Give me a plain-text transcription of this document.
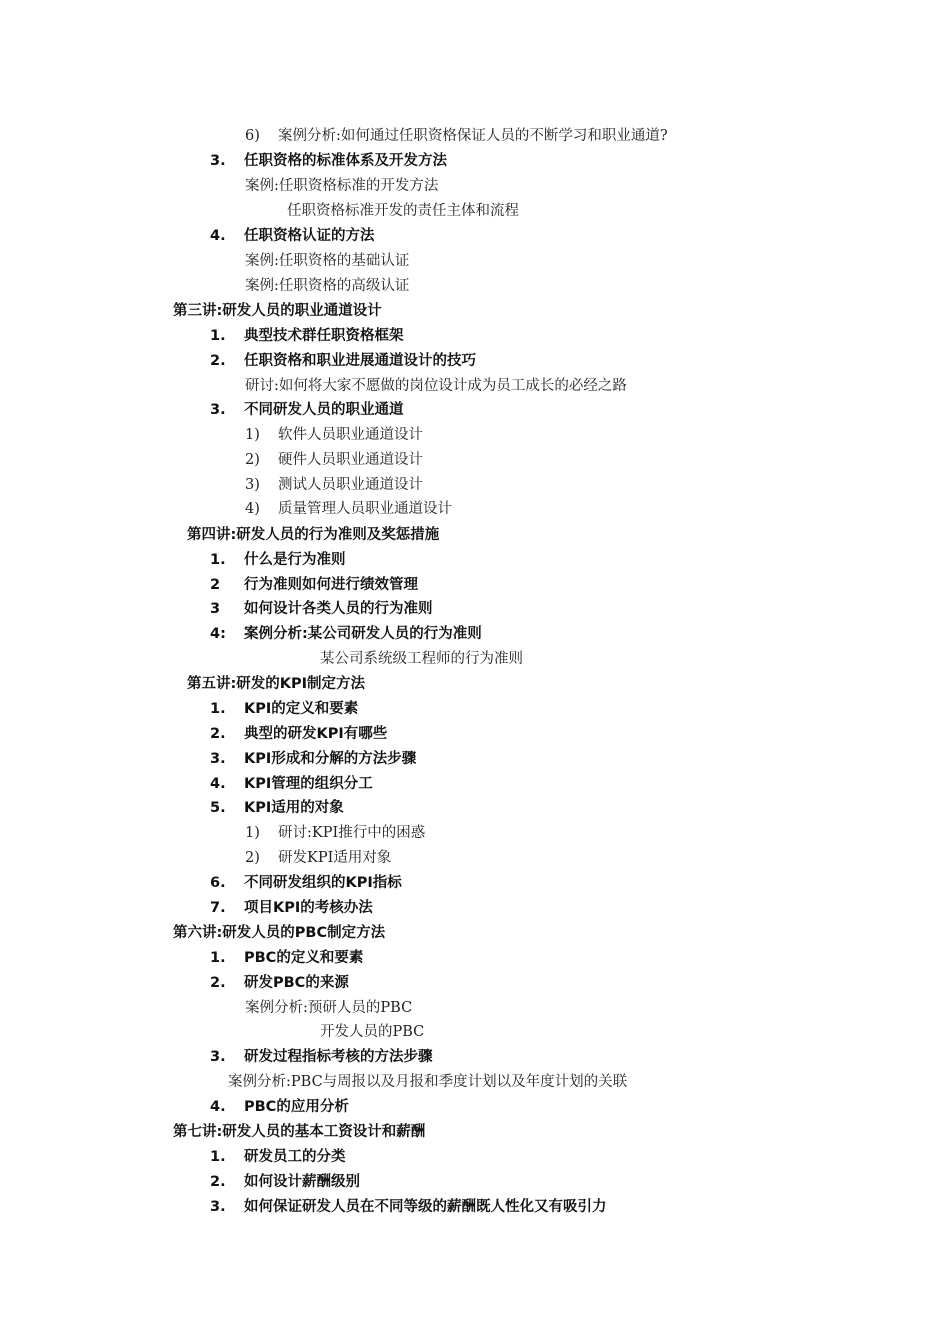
6) 案例分析:如何通过任职资格保证人员的不断学习和职业通道?
3. 任职资格的标准体系及开发方法
案例:任职资格标准的开发方法
任职资格标准开发的责任主体和流程
4. 任职资格认证的方法
案例:任职资格的基础认证
案例:任职资格的高级认证
第三讲:研发人员的职业通道设计
1. 典型技术群任职资格框架
2. 任职资格和职业进展通道设计的技巧
研讨:如何将大家不愿做的岗位设计成为员工成长的必经之路
3. 不同研发人员的职业通道
1) 软件人员职业通道设计
2) 硬件人员职业通道设计
3) 测试人员职业通道设计
4) 质量管理人员职业通道设计
第四讲:研发人员的行为准则及奖惩措施
1. 什么是行为准则
2 行为准则如何进行绩效管理
3 如何设计各类人员的行为准则
4: 案例分析:某公司研发人员的行为准则
某公司系统级工程师的行为准则
第五讲:研发的KPI制定方法
1. KPI的定义和要素
2. 典型的研发KPI有哪些
3. KPI形成和分解的方法步骤
4. KPI管理的组织分工
5. KPI适用的对象
1) 研讨:KPI推行中的困惑
2) 研发KPI适用对象
6. 不同研发组织的KPI指标
7. 项目KPI的考核办法
第六讲:研发人员的PBC制定方法
1. PBC的定义和要素
2. 研发PBC的来源
案例分析:预研人员的PBC
开发人员的PBC
3. 研发过程指标考核的方法步骤
案例分析:PBC与周报以及月报和季度计划以及年度计划的关联
4. PBC的应用分析
第七讲:研发人员的基本工资设计和薪酬
1. 研发员工的分类
2. 如何设计薪酬级别
3. 如何保证研发人员在不同等级的薪酬既人性化又有吸引力
